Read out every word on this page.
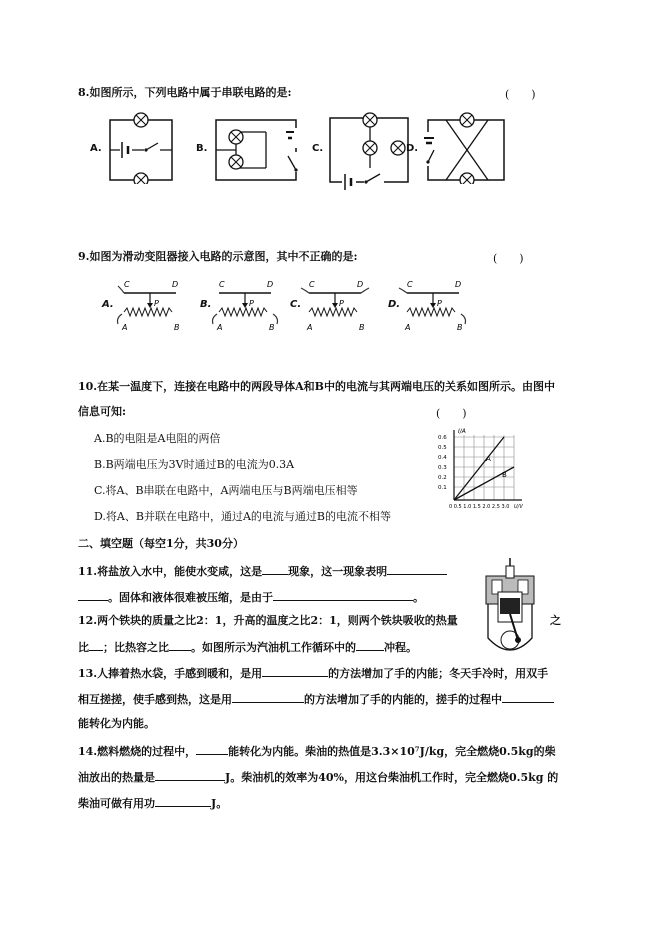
8.如图所示，下列电路中属于串联电路的是:	(　　)
A.	B.	C.	D.
9.如图为滑动变阻器接入电路的示意图，其中不正确的是:	(　　)
A.
C	D
P
A	B
B.
C	D
P
A	B
C.
C	D
P
A	B
D.
C	D
P
A	B
10.在某一温度下，连接在电路中的两段导体A和B中的电流与其两端电压的关系如图所示。由图中
信息可知:	(　　)
A.B的电阻是A电阻的两倍
B.B两端电压为3V时通过B的电流为0.3A
C.将A、B串联在电路中，A两端电压与B两端电压相等
D.将A、B并联在电路中，通过A的电流与通过B的电流不相等
I/A
A
B
0.6
0.5
0.4
0.3
0.2
0.1
0 0.5 1.0 1.5 2.0 2.5 3.0 U/V
二、填空题（每空1分，共30分）
11.将盐放入水中，能使水变咸，这是 现象，这一现象表明
。固体和液体很难被压缩，是由于	。
12.两个铁块的质量之比2：1，升高的温度之比2：1，则两个铁块吸收的热量	之
比 ；比热容之比 。如图所示为汽油机工作循环中的	冲程。
13.人捧着热水袋，手感到暖和，是用	的方法增加了手的内能；冬天手冷时，用双手
相互搓搓，使手感到热，这是用	的方法增加了手的内能的，搓手的过程中
能转化为内能。
14.燃料燃烧的过程中，	能转化为内能。柴油的热值是3.3×10⁷J/kg，完全燃烧0.5kg的柴
油放出的热量是	J。柴油机的效率为40%，用这台柴油机工作时，完全燃烧0.5kg 的
柴油可做有用功	J。
